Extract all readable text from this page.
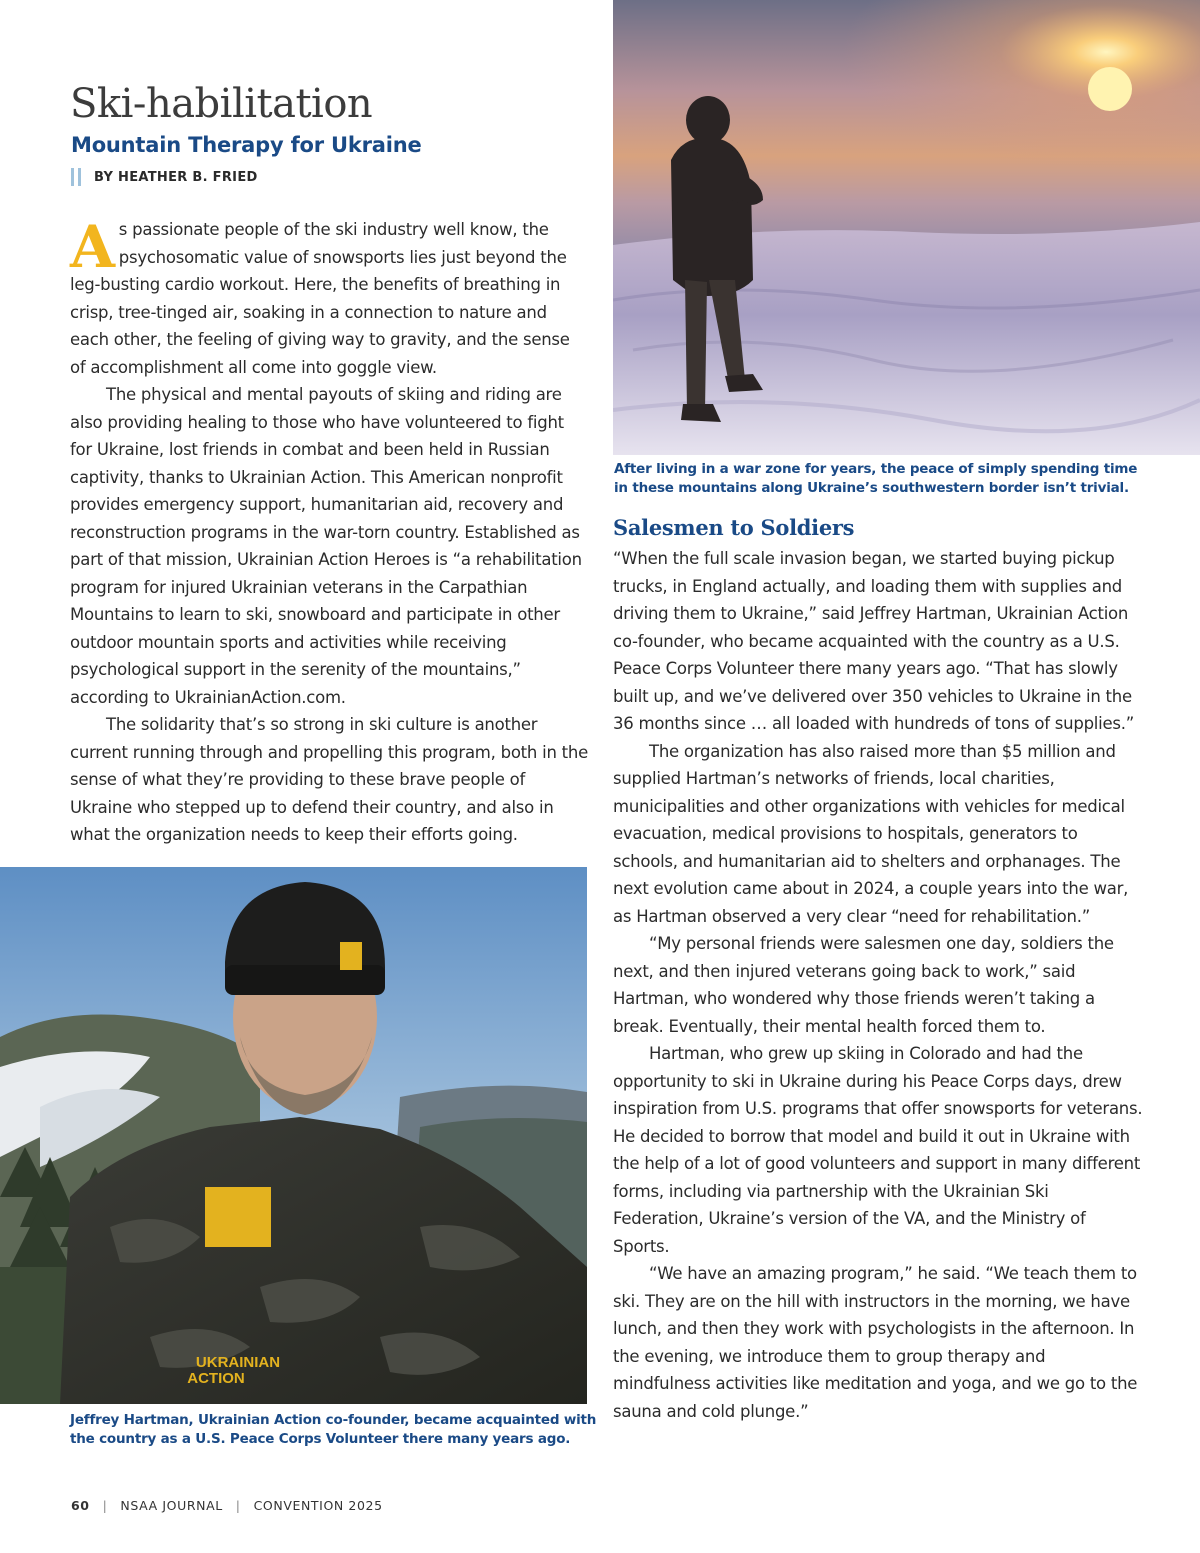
Ski-habilitation
Mountain Therapy for Ukraine
BY HEATHER B. FRIED

As passionate people of the ski industry well know, the psychosomatic value of snowsports lies just beyond the leg-busting cardio workout. Here, the benefits of breathing in crisp, tree-tinged air, soaking in a connection to nature and each other, the feeling of giving way to gravity, and the sense of accomplishment all come into goggle view.

The physical and mental payouts of skiing and riding are also providing healing to those who have volunteered to fight for Ukraine, lost friends in combat and been held in Russian captivity, thanks to Ukrainian Action. This American nonprofit provides emergency support, humanitarian aid, recovery and reconstruction programs in the war-torn country. Established as part of that mission, Ukrainian Action Heroes is “a rehabilitation program for injured Ukrainian veterans in the Carpathian Mountains to learn to ski, snowboard and participate in other outdoor mountain sports and activities while receiving psychological support in the serenity of the mountains,” according to UkrainianAction.com.

The solidarity that’s so strong in ski culture is another current running through and propelling this program, both in the sense of what they’re providing to these brave people of Ukraine who stepped up to defend their country, and also in what the organization needs to keep their efforts going.

After living in a war zone for years, the peace of simply spending time in these mountains along Ukraine’s southwestern border isn’t trivial.
Salesmen to Soldiers

“When the full scale invasion began, we started buying pickup trucks, in England actually, and loading them with supplies and driving them to Ukraine,” said Jeffrey Hartman, Ukrainian Action co-founder, who became acquainted with the country as a U.S. Peace Corps Volunteer there many years ago. “That has slowly built up, and we’ve delivered over 350 vehicles to Ukraine in the 36 months since … all loaded with hundreds of tons of supplies.”

The organization has also raised more than $5 million and supplied Hartman’s networks of friends, local charities, municipalities and other organizations with vehicles for medical evacuation, medical provisions to hospitals, generators to schools, and humanitarian aid to shelters and orphanages. The next evolution came about in 2024, a couple years into the war, as Hartman observed a very clear “need for rehabilitation.”

“My personal friends were salesmen one day, soldiers the next, and then injured veterans going back to work,” said Hartman, who wondered why those friends weren’t taking a break. Eventually, their mental health forced them to.

Hartman, who grew up skiing in Colorado and had the opportunity to ski in Ukraine during his Peace Corps days, drew inspiration from U.S. programs that offer snowsports for veterans. He decided to borrow that model and build it out in Ukraine with the help of a lot of good volunteers and support in many different forms, including via partnership with the Ukrainian Ski Federation, Ukraine’s version of the VA, and the Ministry of Sports.

“We have an amazing program,” he said. “We teach them to ski. They are on the hill with instructors in the morning, we have lunch, and then they work with psychologists in the afternoon. In the evening, we introduce them to group therapy and mindfulness activities like meditation and yoga, and we go to the sauna and cold plunge.”

UKRAINIAN
ACTION
Jeffrey Hartman, Ukrainian Action co-founder, became acquainted with the country as a U.S. Peace Corps Volunteer there many years ago.
60 | NSAA JOURNAL | CONVENTION 2025
